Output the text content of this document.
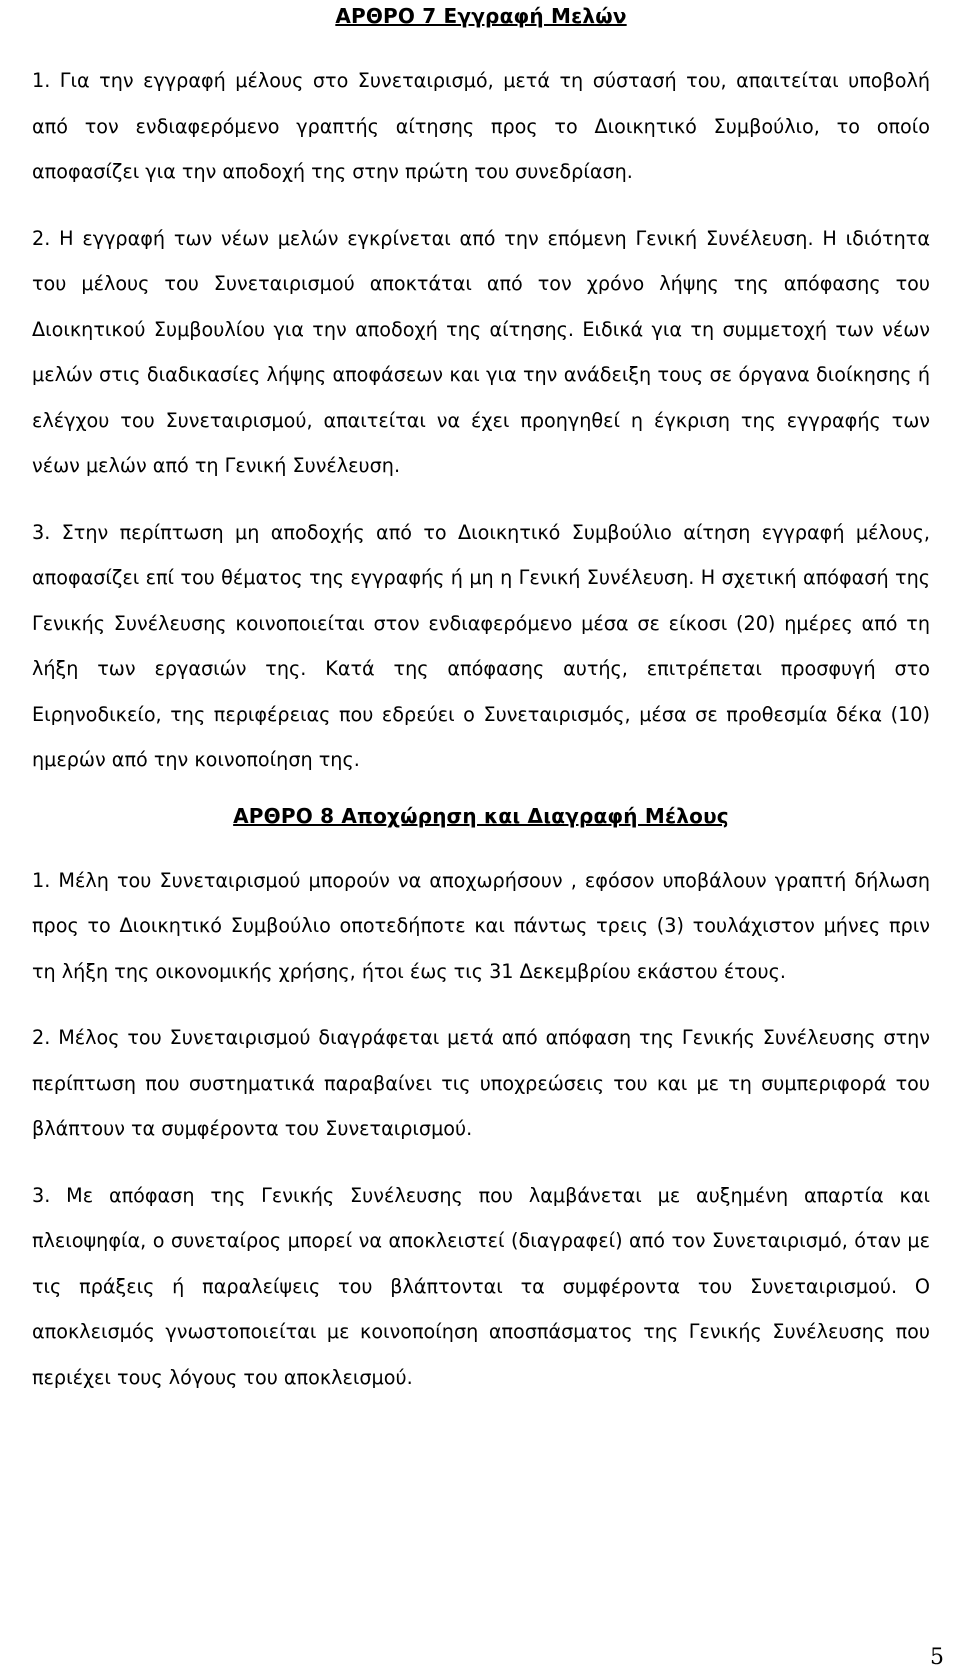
ΑΡΘΡΟ 7 Εγγραφή Μελών

1. Για την εγγραφή μέλους στο Συνεταιρισμό, μετά τη σύστασή του, απαιτείται υποβολή από τον ενδιαφερόμενο γραπτής αίτησης προς το Διοικητικό Συμβούλιο, το οποίο αποφασίζει για την αποδοχή της στην πρώτη του συνεδρίαση.

2. Η εγγραφή των νέων μελών εγκρίνεται από την επόμενη Γενική Συνέλευση. Η ιδιότητα του μέλους του Συνεταιρισμού αποκτάται από τον χρόνο λήψης της απόφασης του Διοικητικού Συμβουλίου για την αποδοχή της αίτησης. Ειδικά για τη συμμετοχή των νέων μελών στις διαδικασίες λήψης αποφάσεων και για την ανάδειξη τους σε όργανα διοίκησης ή ελέγχου του Συνεταιρισμού, απαιτείται να έχει προηγηθεί η έγκριση της εγγραφής των νέων μελών από τη Γενική Συνέλευση.

3. Στην περίπτωση μη αποδοχής από το Διοικητικό Συμβούλιο αίτηση εγγραφή μέλους, αποφασίζει επί του θέματος της εγγραφής ή μη η Γενική Συνέλευση. Η σχετική απόφασή της Γενικής Συνέλευσης κοινοποιείται στον ενδιαφερόμενο μέσα σε είκοσι (20) ημέρες από τη λήξη των εργασιών της. Κατά της απόφασης αυτής, επιτρέπεται προσφυγή στο Ειρηνοδικείο, της περιφέρειας που εδρεύει ο Συνεταιρισμός, μέσα σε προθεσμία δέκα (10) ημερών από την κοινοποίηση της.

ΑΡΘΡΟ 8 Αποχώρηση και Διαγραφή Μέλους

1. Μέλη του Συνεταιρισμού μπορούν να αποχωρήσουν , εφόσον υποβάλουν γραπτή δήλωση προς το Διοικητικό Συμβούλιο οποτεδήποτε και πάντως τρεις (3) τουλάχιστον μήνες πριν τη λήξη της οικονομικής χρήσης, ήτοι έως τις 31 Δεκεμβρίου εκάστου έτους.

2. Μέλος του Συνεταιρισμού διαγράφεται μετά από απόφαση της Γενικής Συνέλευσης στην περίπτωση που συστηματικά παραβαίνει τις υποχρεώσεις του και με τη συμπεριφορά του βλάπτουν τα συμφέροντα του Συνεταιρισμού.

3. Με απόφαση της Γενικής Συνέλευσης που λαμβάνεται με αυξημένη απαρτία και πλειοψηφία, ο συνεταίρος μπορεί να αποκλειστεί (διαγραφεί) από τον Συνεταιρισμό, όταν με τις πράξεις ή παραλείψεις του βλάπτονται τα συμφέροντα του Συνεταιρισμού. Ο αποκλεισμός γνωστοποιείται με κοινοποίηση αποσπάσματος της Γενικής Συνέλευσης που περιέχει τους λόγους του αποκλεισμού.

5
